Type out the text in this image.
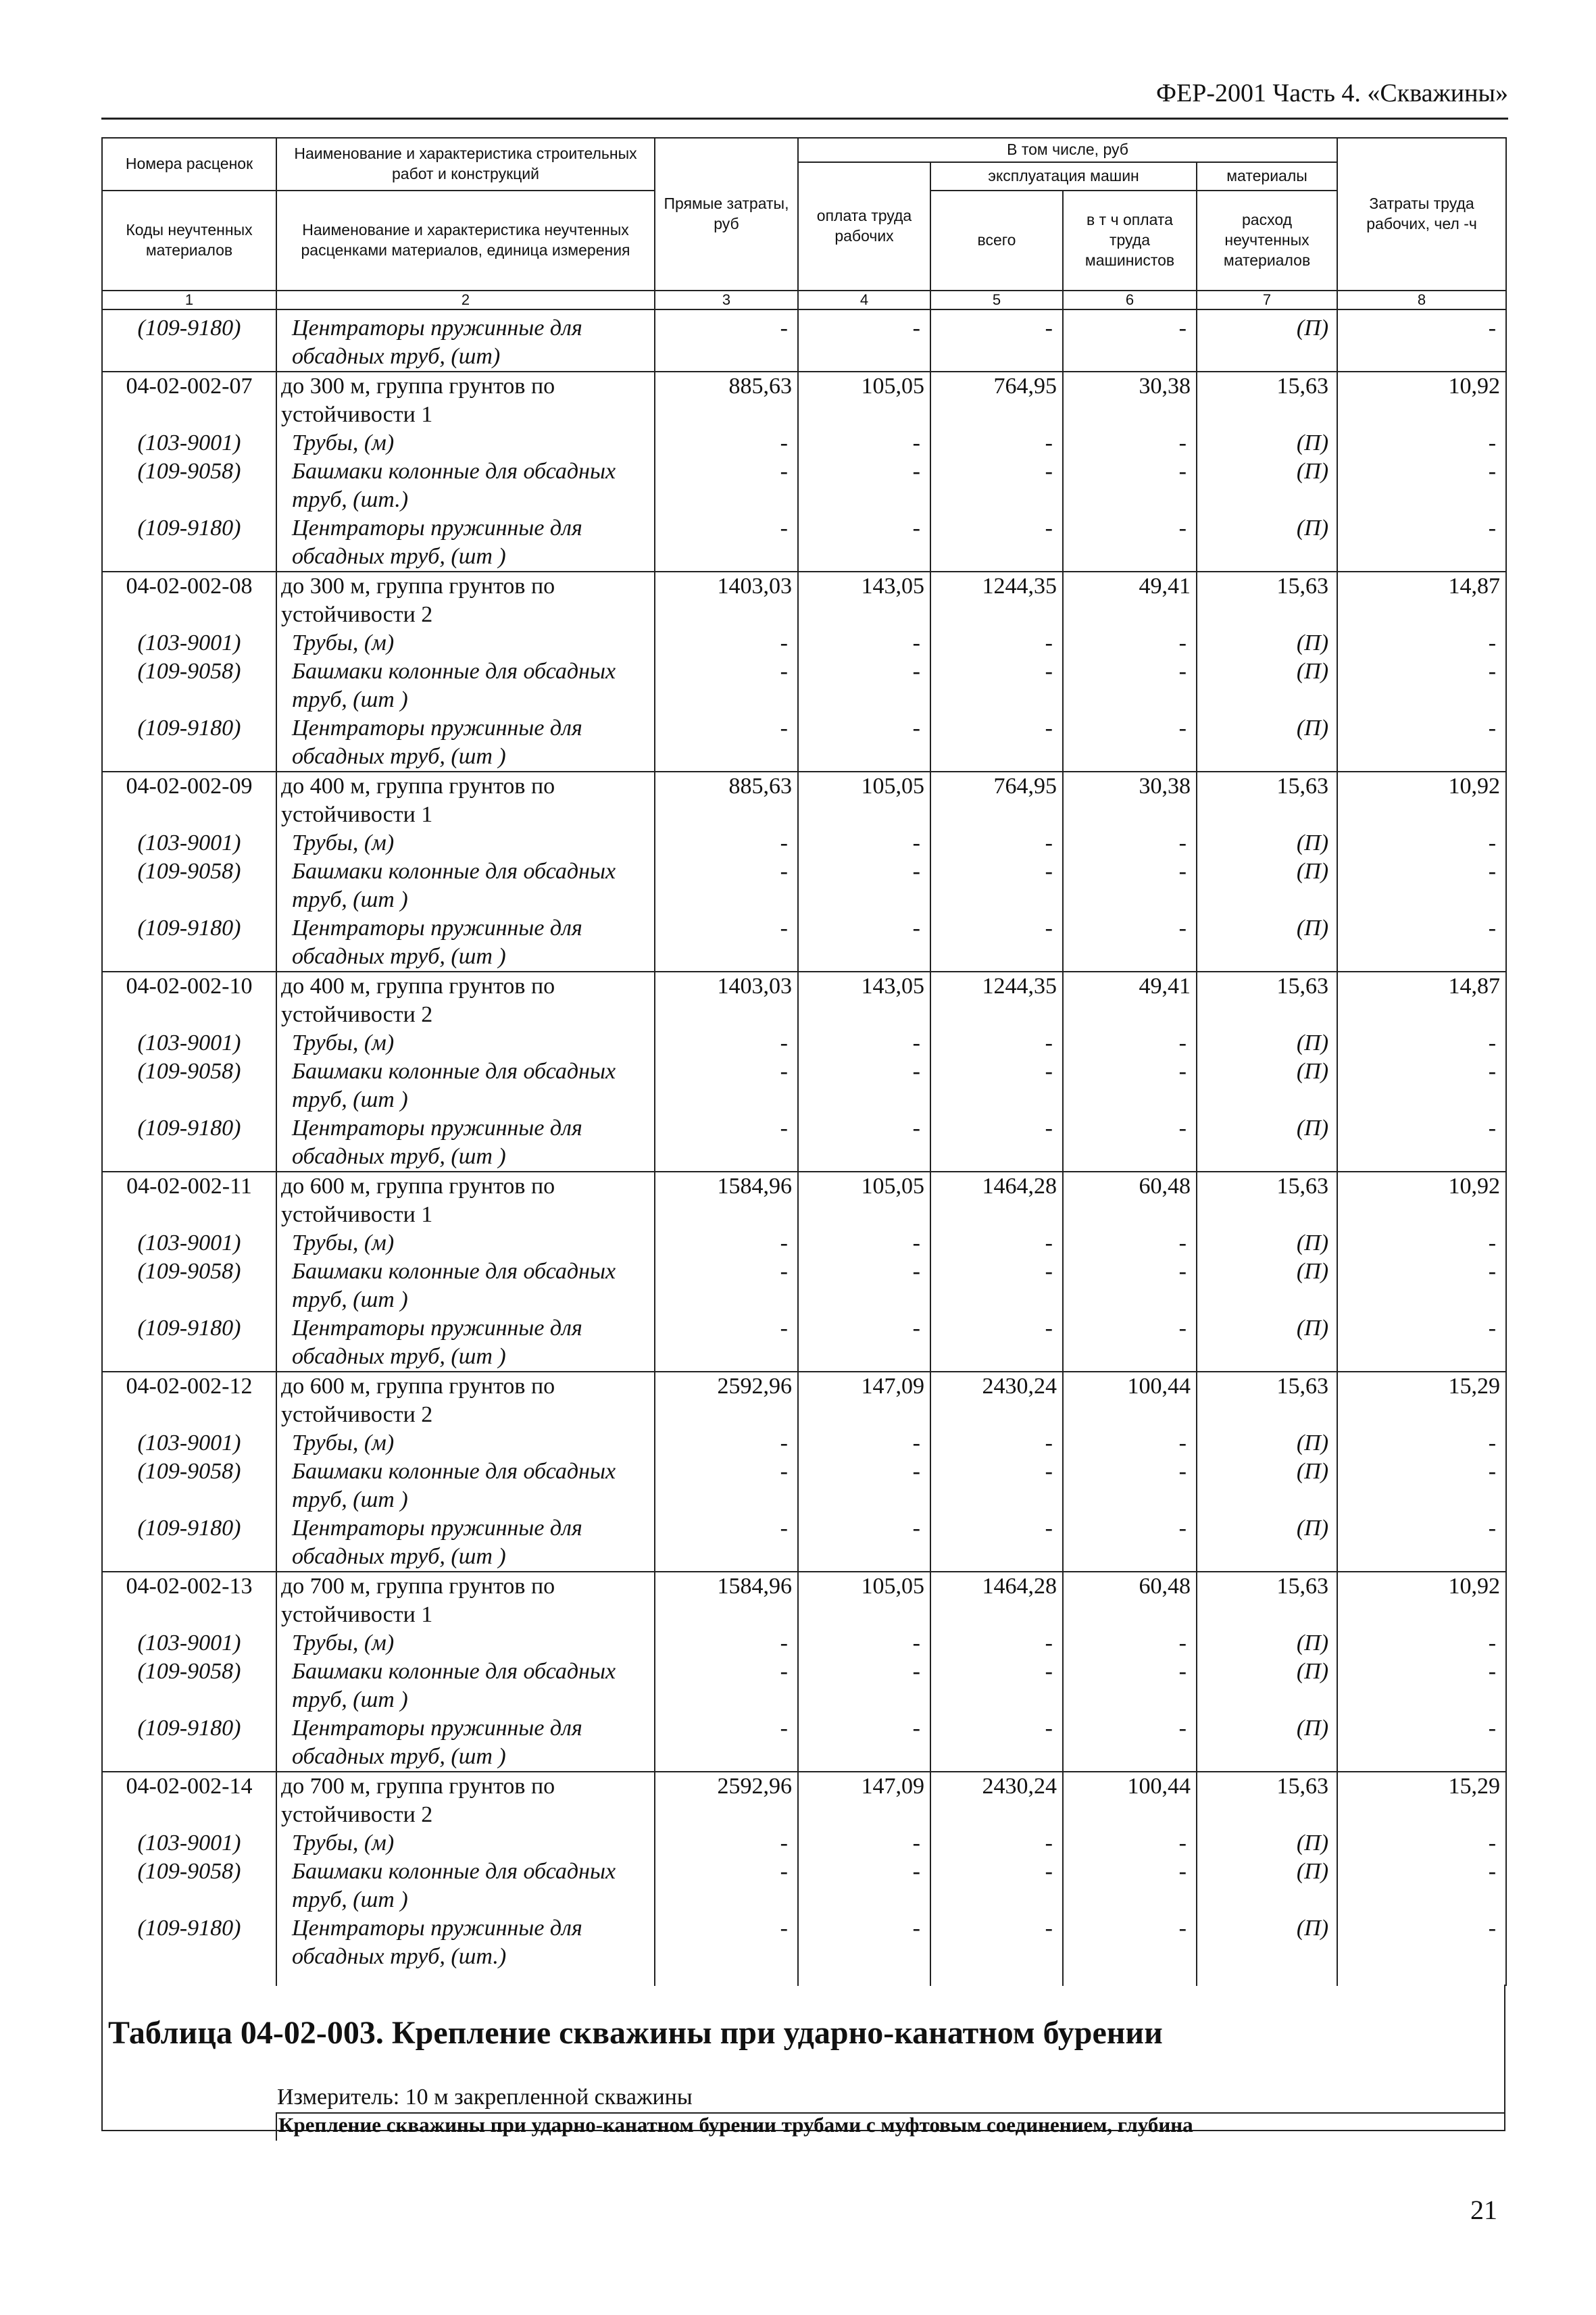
ФЕР-2001 Часть 4. «Скважины»
Номера расценок	Наименование и характеристика строительных работ и конструкций	Прямые затраты, руб	В том числе, руб				Затраты труда рабочих, чел -ч
			оплата труда рабочих	эксплуатация машин		материалы	
Коды неучтенных материалов	Наименование и характеристика неучтенных расценками материалов, единица измерения			всего	в т ч оплата труда машинистов	расход неучтенных материалов	

1	2	3	4	5	6	7	8
(109-9180)	Центраторы пружинные для обсадных труб, (шт)	-	-	-	-	(П)	-
04-02-002-07	до 300 м, группа грунтов по устойчивости 1	885,63	105,05	764,95	30,38	15,63	10,92
(103-9001)	Трубы, (м)	-	-	-	-	(П)	-
(109-9058)	Башмаки колонные для обсадных труб, (шт.)	-	-	-	-	(П)	-
(109-9180)	Центраторы пружинные для обсадных труб, (шт )	-	-	-	-	(П)	-
04-02-002-08	до 300 м, группа грунтов по устойчивости 2	1403,03	143,05	1244,35	49,41	15,63	14,87
(103-9001)	Трубы, (м)	-	-	-	-	(П)	-
(109-9058)	Башмаки колонные для обсадных труб, (шт )	-	-	-	-	(П)	-
(109-9180)	Центраторы пружинные для обсадных труб, (шт )	-	-	-	-	(П)	-
04-02-002-09	до 400 м, группа грунтов по устойчивости 1	885,63	105,05	764,95	30,38	15,63	10,92
(103-9001)	Трубы, (м)	-	-	-	-	(П)	-
(109-9058)	Башмаки колонные для обсадных труб, (шт )	-	-	-	-	(П)	-
(109-9180)	Центраторы пружинные для обсадных труб, (шт )	-	-	-	-	(П)	-
04-02-002-10	до 400 м, группа грунтов по устойчивости 2	1403,03	143,05	1244,35	49,41	15,63	14,87
(103-9001)	Трубы, (м)	-	-	-	-	(П)	-
(109-9058)	Башмаки колонные для обсадных труб, (шт )	-	-	-	-	(П)	-
(109-9180)	Центраторы пружинные для обсадных труб, (шт )	-	-	-	-	(П)	-
04-02-002-11	до 600 м, группа грунтов по устойчивости 1	1584,96	105,05	1464,28	60,48	15,63	10,92
(103-9001)	Трубы, (м)	-	-	-	-	(П)	-
(109-9058)	Башмаки колонные для обсадных труб, (шт )	-	-	-	-	(П)	-
(109-9180)	Центраторы пружинные для обсадных труб, (шт )	-	-	-	-	(П)	-
04-02-002-12	до 600 м, группа грунтов по устойчивости 2	2592,96	147,09	2430,24	100,44	15,63	15,29
(103-9001)	Трубы, (м)	-	-	-	-	(П)	-
(109-9058)	Башмаки колонные для обсадных труб, (шт )	-	-	-	-	(П)	-
(109-9180)	Центраторы пружинные для обсадных труб, (шт )	-	-	-	-	(П)	-
04-02-002-13	до 700 м, группа грунтов по устойчивости 1	1584,96	105,05	1464,28	60,48	15,63	10,92
(103-9001)	Трубы, (м)	-	-	-	-	(П)	-
(109-9058)	Башмаки колонные для обсадных труб, (шт )	-	-	-	-	(П)	-
(109-9180)	Центраторы пружинные для обсадных труб, (шт )	-	-	-	-	(П)	-
04-02-002-14	до 700 м, группа грунтов по устойчивости 2	2592,96	147,09	2430,24	100,44	15,63	15,29
(103-9001)	Трубы, (м)	-	-	-	-	(П)	-
(109-9058)	Башмаки колонные для обсадных труб, (шт )	-	-	-	-	(П)	-
(109-9180)	Центраторы пружинные для обсадных труб, (шт.)	-	-	-	-	(П)	-

Таблица 04-02-003. Крепление скважины при ударно-канатном бурении
Измеритель: 10 м закрепленной скважины
Крепление скважины при ударно-канатном бурении трубами с муфтовым соединением, глубина
21
